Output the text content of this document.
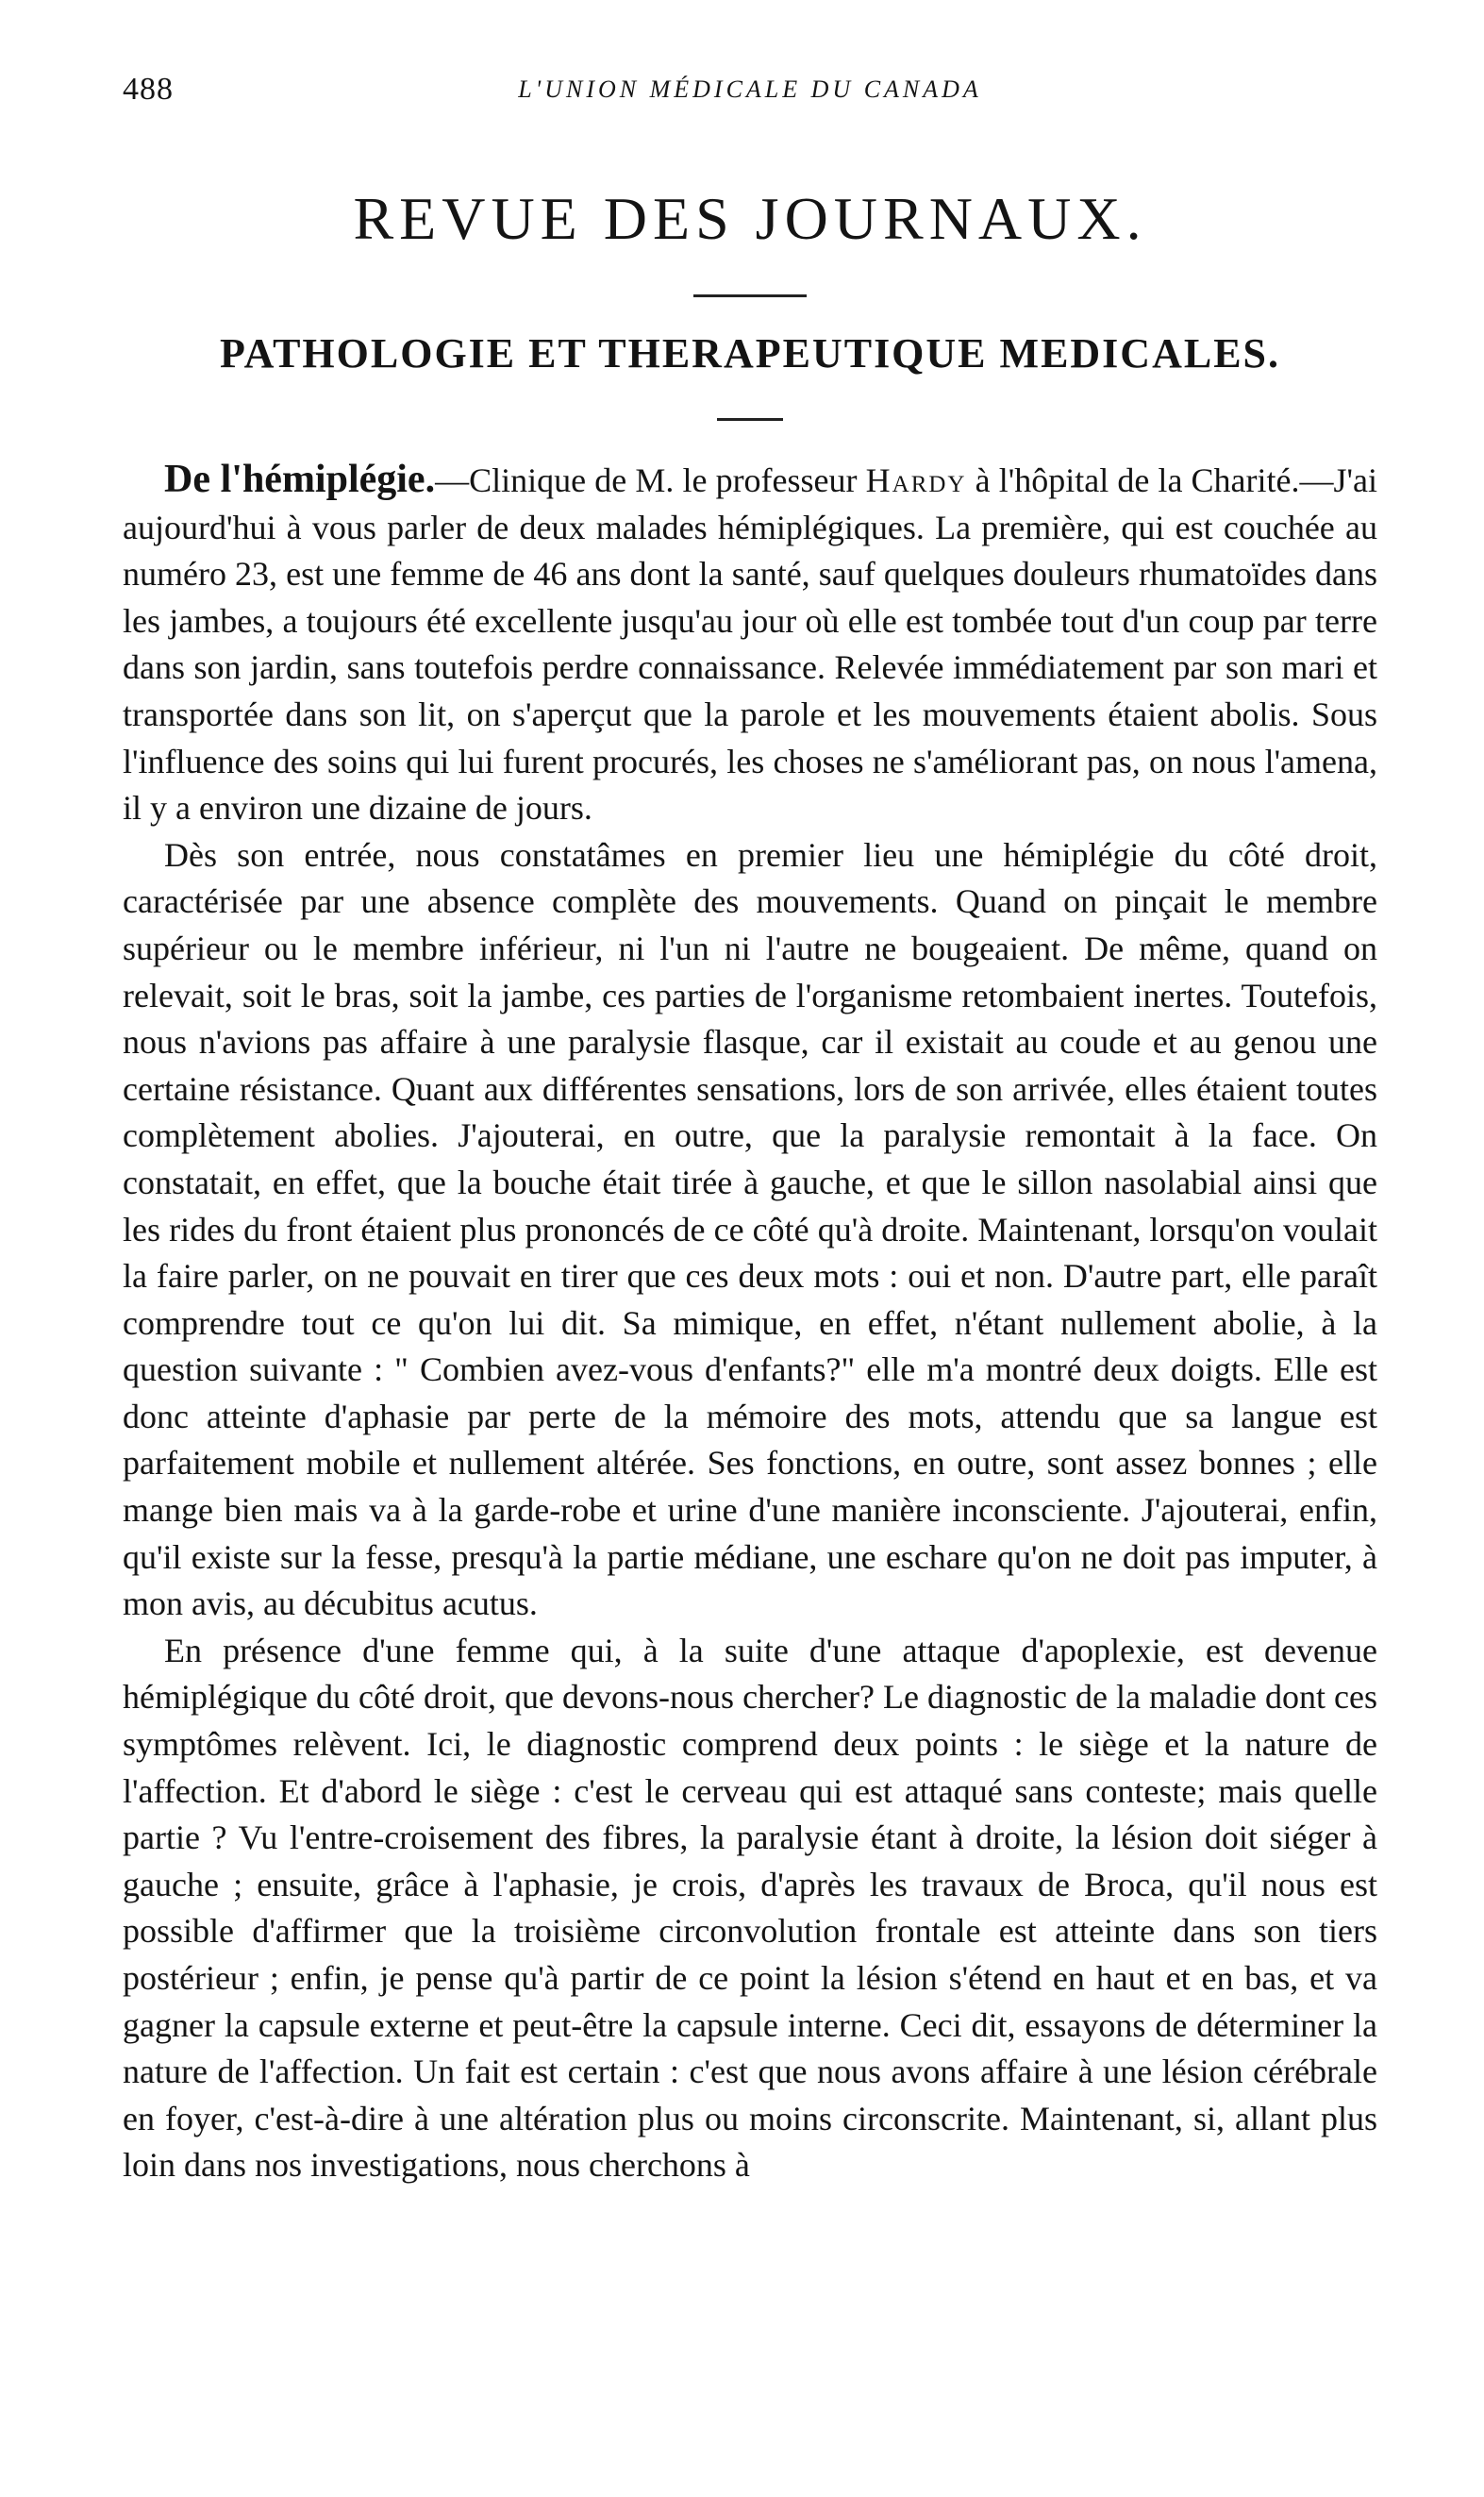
488	L'UNION MÉDICALE DU CANADA
REVUE DES JOURNAUX.
PATHOLOGIE ET THERAPEUTIQUE MEDICALES.

De l'hémiplégie.—Clinique de M. le professeur Hardy à l'hôpital de la Charité.—J'ai aujourd'hui à vous parler de deux malades hémiplégiques. La première, qui est couchée au numéro 23, est une femme de 46 ans dont la santé, sauf quelques douleurs rhumatoïdes dans les jambes, a toujours été excellente jusqu'au jour où elle est tombée tout d'un coup par terre dans son jardin, sans toutefois perdre connaissance. Relevée immédiatement par son mari et transportée dans son lit, on s'aperçut que la parole et les mouvements étaient abolis. Sous l'influence des soins qui lui furent procurés, les choses ne s'améliorant pas, on nous l'amena, il y a environ une dizaine de jours.

Dès son entrée, nous constatâmes en premier lieu une hémiplégie du côté droit, caractérisée par une absence complète des mouvements. Quand on pinçait le membre supérieur ou le membre inférieur, ni l'un ni l'autre ne bougeaient. De même, quand on relevait, soit le bras, soit la jambe, ces parties de l'organisme retombaient inertes. Toutefois, nous n'avions pas affaire à une paralysie flasque, car il existait au coude et au genou une certaine résistance. Quant aux différentes sensations, lors de son arrivée, elles étaient toutes complètement abolies. J'ajouterai, en outre, que la paralysie remontait à la face. On constatait, en effet, que la bouche était tirée à gauche, et que le sillon nasolabial ainsi que les rides du front étaient plus prononcés de ce côté qu'à droite. Maintenant, lorsqu'on voulait la faire parler, on ne pouvait en tirer que ces deux mots : oui et non. D'autre part, elle paraît comprendre tout ce qu'on lui dit. Sa mimique, en effet, n'étant nullement abolie, à la question suivante : " Combien avez-vous d'enfants?" elle m'a montré deux doigts. Elle est donc atteinte d'aphasie par perte de la mémoire des mots, attendu que sa langue est parfaitement mobile et nullement altérée. Ses fonctions, en outre, sont assez bonnes ; elle mange bien mais va à la garde-robe et urine d'une manière inconsciente. J'ajouterai, enfin, qu'il existe sur la fesse, presqu'à la partie médiane, une eschare qu'on ne doit pas imputer, à mon avis, au décubitus acutus.

En présence d'une femme qui, à la suite d'une attaque d'apoplexie, est devenue hémiplégique du côté droit, que devons-nous chercher? Le diagnostic de la maladie dont ces symptômes relèvent. Ici, le diagnostic comprend deux points : le siège et la nature de l'affection. Et d'abord le siège : c'est le cerveau qui est attaqué sans conteste; mais quelle partie ? Vu l'entre-croisement des fibres, la paralysie étant à droite, la lésion doit siéger à gauche ; ensuite, grâce à l'aphasie, je crois, d'après les travaux de Broca, qu'il nous est possible d'affirmer que la troisième circonvolution frontale est atteinte dans son tiers postérieur ; enfin, je pense qu'à partir de ce point la lésion s'étend en haut et en bas, et va gagner la capsule externe et peut-être la capsule interne. Ceci dit, essayons de déterminer la nature de l'affection. Un fait est certain : c'est que nous avons affaire à une lésion cérébrale en foyer, c'est-à-dire à une altération plus ou moins circonscrite. Maintenant, si, allant plus loin dans nos investigations, nous cherchons à
